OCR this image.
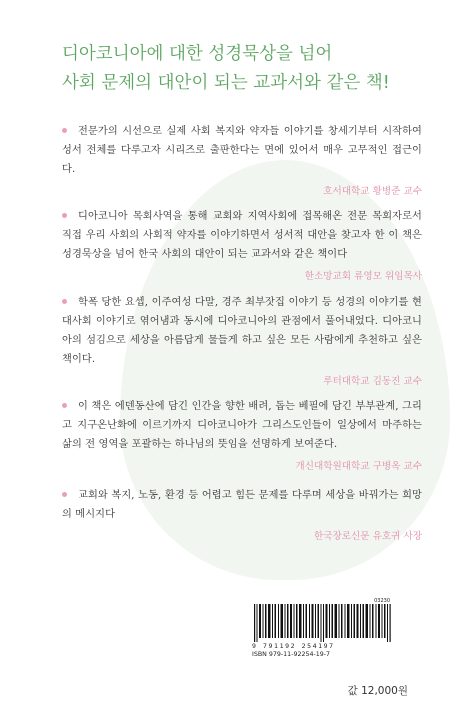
디아코니아에 대한 성경묵상을 넘어
사회 문제의 대안이 되는 교과서와 같은 책!
전문가의 시선으로 실제 사회 복지와 약자들 이야기를 창세기부터 시작하여 성서 전체를 다루고자 시리즈로 출판한다는 면에 있어서 매우 고무적인 접근이다.
호서대학교 황병준 교수
디아코니아 목회사역을 통해 교회와 지역사회에 접목해온 전문 목회자로서 직접 우리 사회의 사회적 약자를 이야기하면서 성서적 대안을 찾고자 한 이 책은 성경묵상을 넘어 한국 사회의 대안이 되는 교과서와 같은 책이다
한소망교회 류영모 위임목사
학폭 당한 요셉, 이주여성 다말, 경주 최부잣집 이야기 등 성경의 이야기를 현대사회 이야기로 엮어냄과 동시에 디아코니아의 관점에서 풀어내었다. 디아코니아의 섬김으로 세상을 아름답게 물들게 하고 싶은 모든 사람에게 추천하고 싶은 책이다.
루터대학교 김동진 교수
이 책은 에덴동산에 담긴 인간을 향한 배려, 돕는 베필에 담긴 부부관계, 그리고 지구온난화에 이르기까지 디아코니아가 그리스도인들이 일상에서 마주하는 삶의 전 영역을 포괄하는 하나님의 뜻임을 선명하게 보여준다.
개신대학원대학교 구병옥 교수
교회와 복지, 노동, 환경 등 어렵고 힘든 문제를 다루며 세상을 바꿔가는 희망의 메시지다
한국장로신문 유호귀 사장
03230
9 791192 254197
ISBN 979-11-92254-19-7
값 12,000원
